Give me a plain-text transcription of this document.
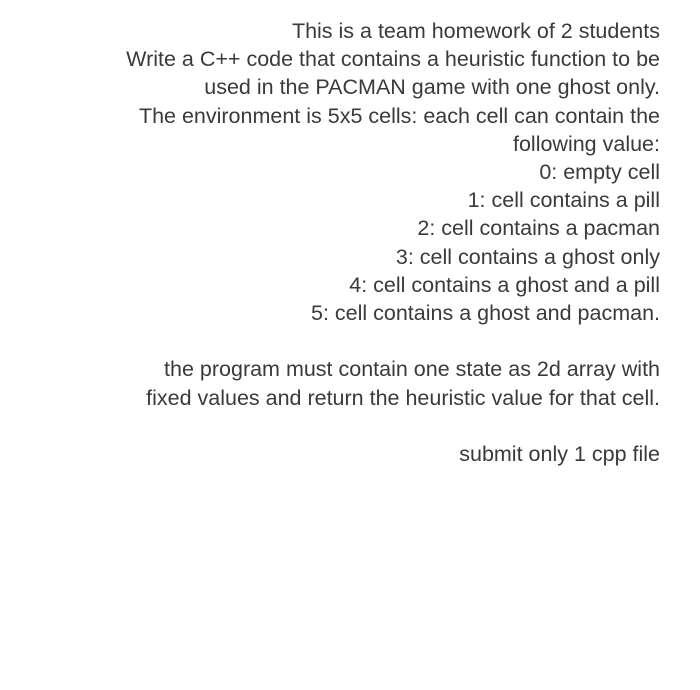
This is a team homework of 2 students
Write a C++ code that contains a heuristic function to be
used in the PACMAN game with one ghost only.
The environment is 5x5 cells: each cell can contain the
following value:
0: empty cell
1: cell contains a pill
2: cell contains a pacman
3: cell contains a ghost only
4: cell contains a ghost and a pill
5: cell contains a ghost and pacman.
the program must contain one state as 2d array with
fixed values and return the heuristic value for that cell.
submit only 1 cpp file
